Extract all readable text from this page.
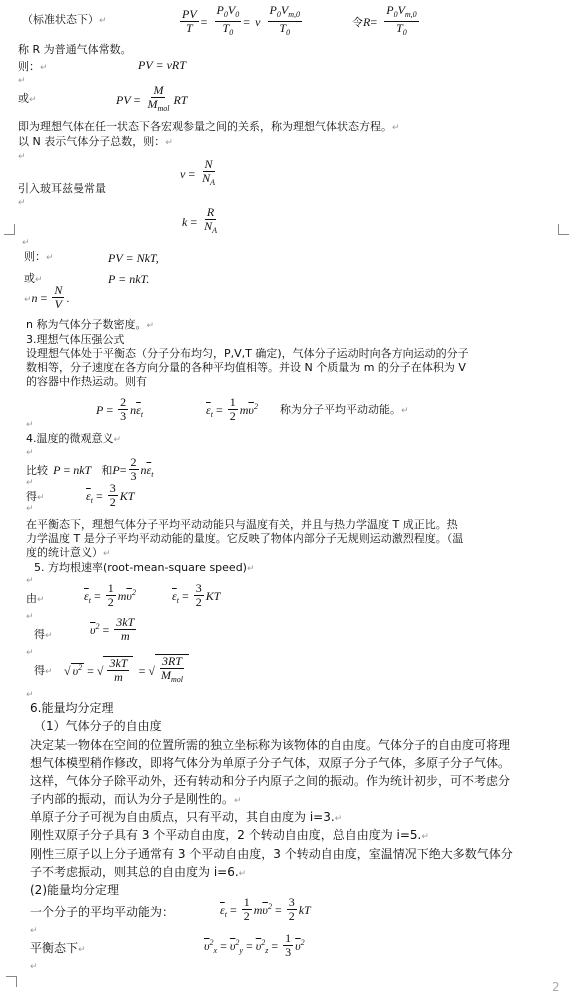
（标准状态下）↵	$\frac{PV}{T} = \frac{P_0V_0}{T_0} = \nu \frac{P_0V_{m,0}}{T_0}$	令$R= \frac{P_0V_{m,0}}{T_0}$
称 R 为普通气体常数。
则：↵	PV = νRT
↵
或↵	PV = $\frac{M}{M_{mol}}$ RT
即为理想气体在任一状态下各宏观参量之间的关系，称为理想气体状态方程。↵
以 N 表示气体分子总数，则：↵
↵
$\nu = \frac{N}{N_A}$
引入玻耳兹曼常量
↵
$k = \frac{R}{N_A}$
↵
则：↵	PV = NkT,
或↵	P = nkT.
↵n = $\frac{N}{V}$ .
n 称为气体分子数密度。↵
3.理想气体压强公式
设理想气体处于平衡态（分子分布均匀，P,V,T 确定)，气体分子运动时向各方向运动的分子
数相等，分子速度在各方向分量的各种平均值相等。并设 N 个质量为 m 的分子在体积为 V
的容器中作热运动。则有
$P = \frac{2}{3} n\overline{\varepsilon}_t$	$\overline{\varepsilon}_t = \frac{1}{2} m\overline{\upsilon}^2$ 称为分子平均平动动能。↵
↵
4.温度的微观意义↵
↵
比较 P = nkT 和$P= \frac{2}{3} n\overline{\varepsilon}_t$
↵
得↵	$\overline{\varepsilon}_t = \frac{3}{2}$ KT
↵
在平衡态下，理想气体分子平均平动动能只与温度有关，并且与热力学温度 T 成正比。热
力学温度 T 是分子平均平动动能的量度。它反映了物体内部分子无规则运动激烈程度。（温
度的统计意义）↵
5. 方均根速率(root-mean-square speed)↵
↵
由↵	$\overline{\varepsilon}_t = \frac{1}{2} m\overline{\upsilon}^2$	$\overline{\varepsilon}_t = \frac{3}{2}$ KT
↵
得↵	$\overline{\upsilon}^2 = \frac{3kT}{m}$
↵
得↵ √ $\upsilon^2$ = √ $\frac{3kT}{m}$ = √ $\frac{3RT}{M_{mol}}$
↵
6.能量均分定理
（1）气体分子的自由度
决定某一物体在空间的位置所需的独立坐标称为该物体的自由度。气体分子的自由度可将理
想气体模型稍作修改，即将气体分为单原子分子气体，双原子分子气体，多原子分子气体。
这样，气体分子除平动外，还有转动和分子内原子之间的振动。作为统计初步，可不考虑分
子内部的振动，而认为分子是刚性的。↵
单原子分子可视为自由质点，只有平动，其自由度为 i=3.↵
刚性双原子分子具有 3 个平动自由度，2 个转动自由度，总自由度为 i=5.↵
刚性三原子以上分子通常有 3 个平动自由度，3 个转动自由度，室温情况下绝大多数气体分
子不考虑振动，则其总的自由度为 i=6.↵
(2)能量均分定理
一个分子的平均平动能为：	$\overline{\varepsilon}_t = \frac{1}{2} m\overline{\upsilon}^2 = \frac{3}{2}$ kT
↵
平衡态下↵	$\overline{\upsilon}^2_x = \overline{\upsilon}^2_y = \overline{\upsilon}^2_z = \frac{1}{3} \overline{\upsilon}^2$
↵
2
